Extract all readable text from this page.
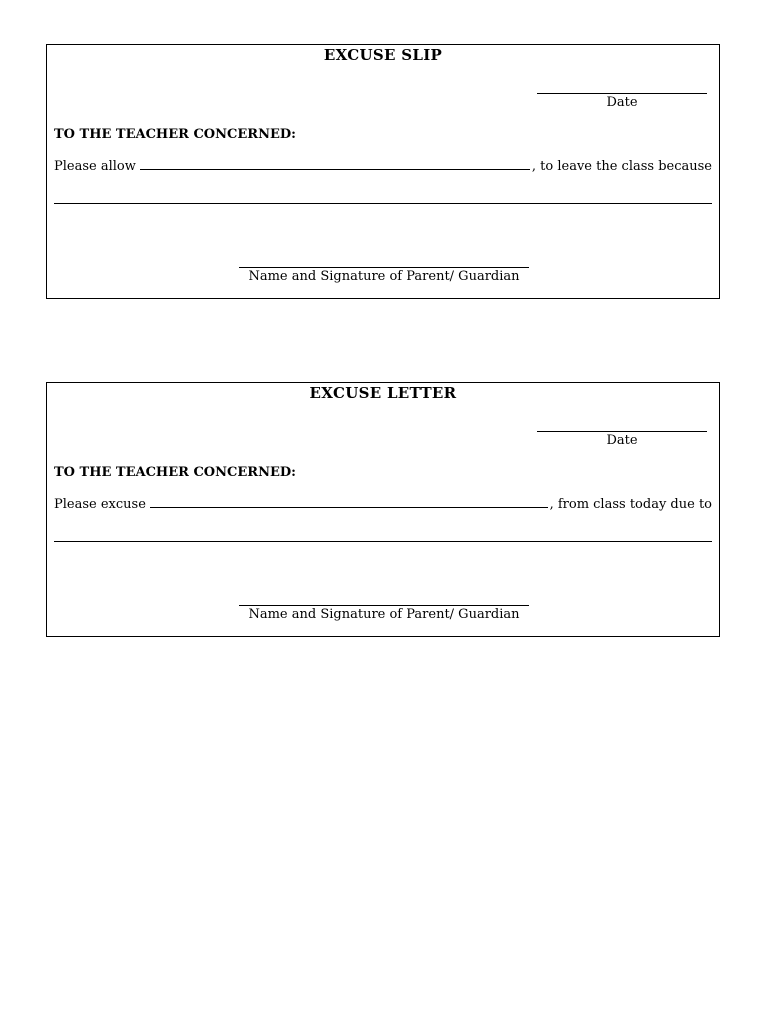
EXCUSE SLIP
Date
TO THE TEACHER CONCERNED:
Please allow	, to leave the class because
Name and Signature of Parent/ Guardian
EXCUSE LETTER
Date
TO THE TEACHER CONCERNED:
Please excuse	, from class today due to
Name and Signature of Parent/ Guardian
